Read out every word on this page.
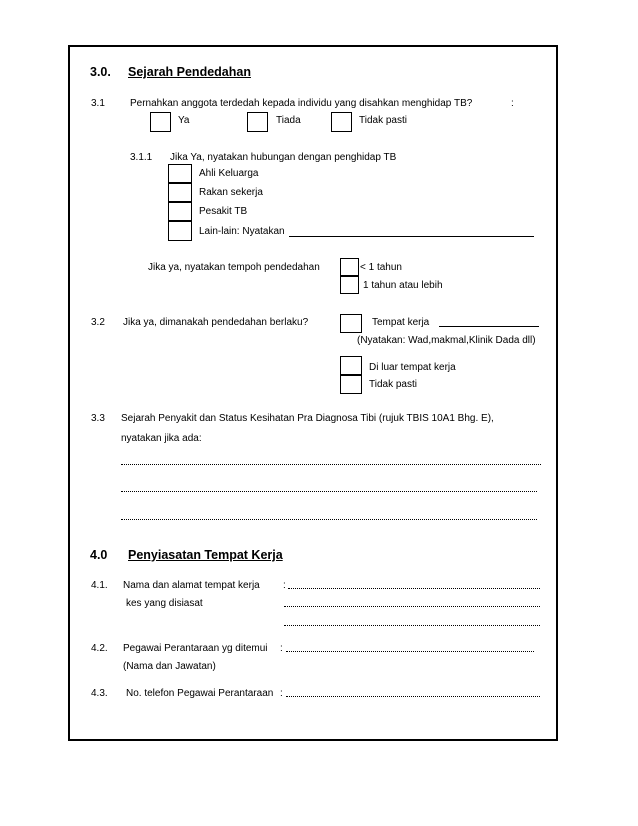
3.0. Sejarah Pendedahan
3.1	Pernahkan anggota terdedah kepada individu yang disahkan menghidap TB?	:
Ya	Tiada	Tidak pasti
3.1.1 Jika Ya, nyatakan hubungan dengan penghidap TB
Ahli Keluarga
Rakan sekerja
Pesakit TB
Lain-lain: Nyatakan
Jika ya, nyatakan tempoh pendedahan	< 1 tahun
1 tahun atau lebih
3.2 Jika ya, dimanakah pendedahan berlaku?	Tempat kerja
(Nyatakan: Wad,makmal,Klinik Dada dll)
Di luar tempat kerja
Tidak pasti
3.3 Sejarah Penyakit dan Status Kesihatan Pra Diagnosa Tibi (rujuk TBIS 10A1 Bhg. E),
nyatakan jika ada:
4.0 Penyiasatan Tempat Kerja
4.1. Nama dan alamat tempat kerja :
kes yang disiasat
4.2. Pegawai Perantaraan yg ditemui :
(Nama dan Jawatan)
4.3. No. telefon Pegawai Perantaraan :
